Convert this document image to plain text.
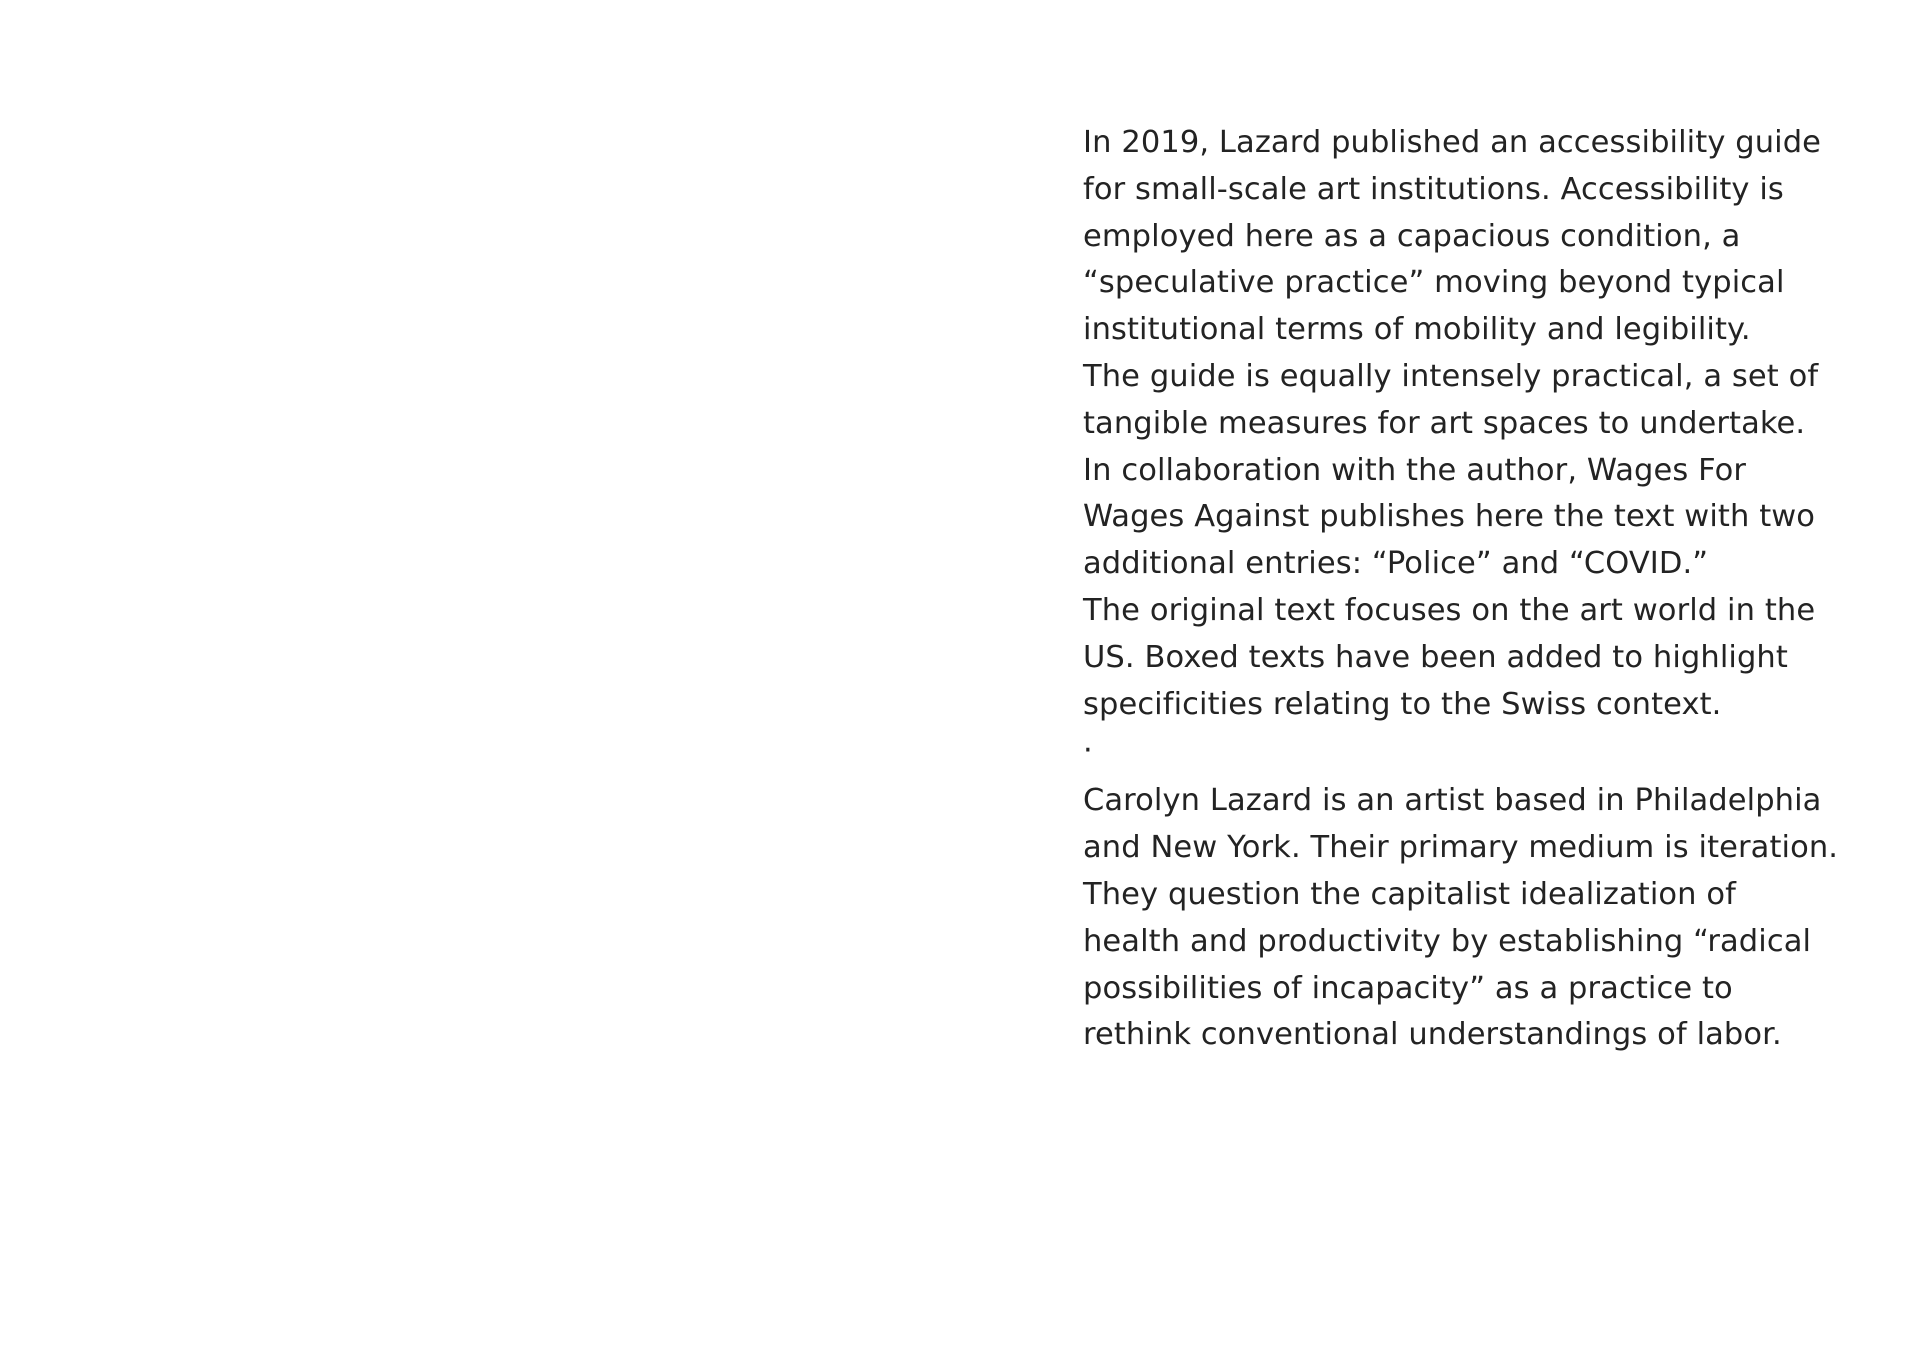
In 2019, Lazard published an accessibility guide
for small-scale art institutions. Accessibility is
employed here as a capacious condition, a
“speculative practice” moving beyond typical
institutional terms of mobility and legibility.
The guide is equally intensely practical, a set of
tangible measures for art spaces to undertake.
In collaboration with the author, Wages For
Wages Against publishes here the text with two
additional entries: “Police” and “COVID.”
The original text focuses on the art world in the
US. Boxed texts have been added to highlight
specificities relating to the Swiss context.
·
Carolyn Lazard is an artist based in Philadelphia
and New York. Their primary medium is iteration.
They question the capitalist idealization of
health and productivity by establishing “radical
possibilities of incapacity” as a practice to
rethink conventional understandings of labor.
